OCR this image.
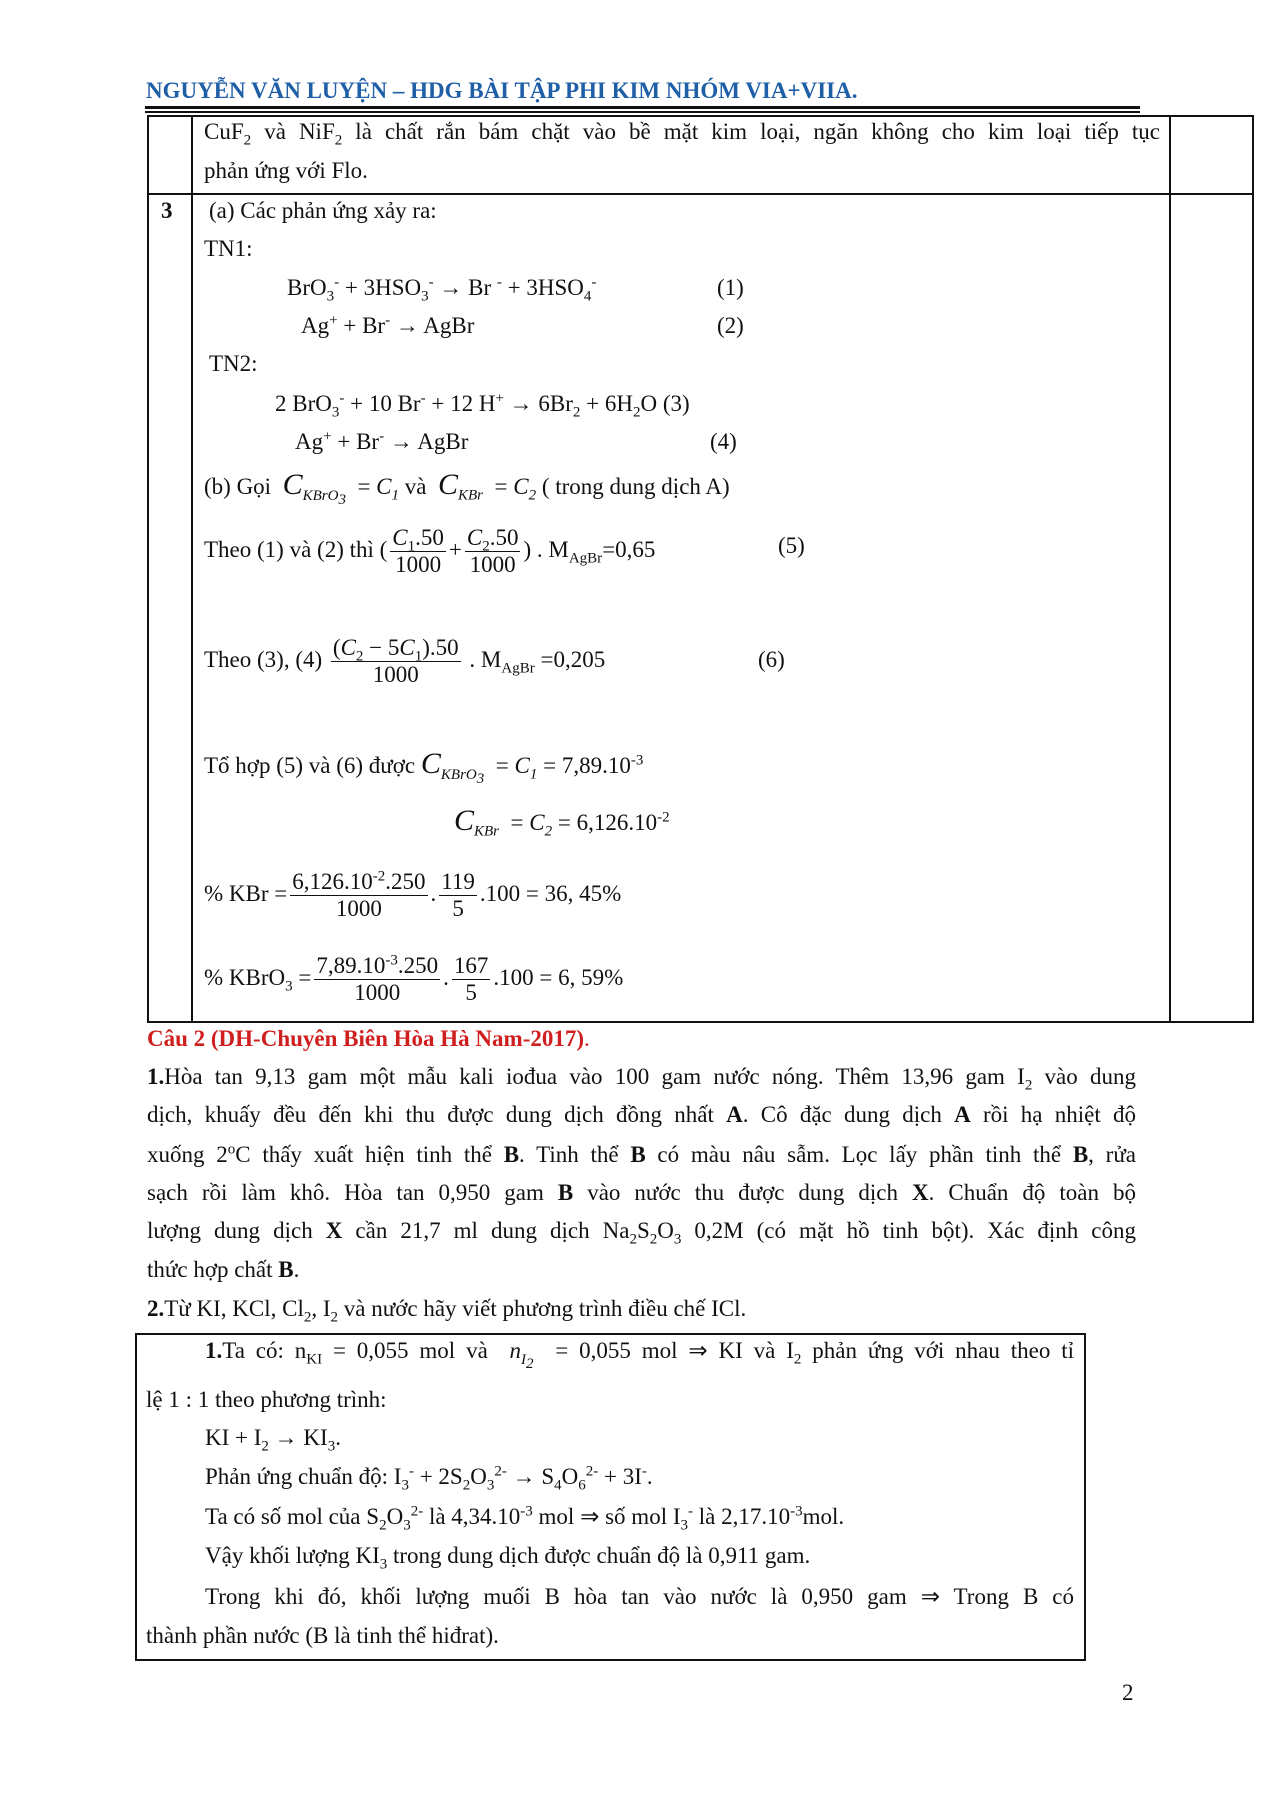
NGUYỄN VĂN LUYỆN – HDG BÀI TẬP PHI KIM NHÓM VIA+VIIA.
CuF$_2$ và NiF$_2$ là chất rắn bám chặt vào bề mặt kim loại, ngăn không cho kim loại tiếp tục
phản ứng với Flo.
3 (a) Các phản ứng xảy ra:
TN1:
$BrO_3^- + 3HSO_3^- \to Br$ $^- + 3HSO_4^-$	(1)
Ag+ + Br- → AgBr	(2)
TN2:
2 BrO$_3$- + 10 Br- + 12 $H^+ \to 6Br_2 + 6H_2O$ (3)
Ag+ + Br- → AgBr	(4)
(b) Gọi  $C_{KBrO_3} = C_1$ và  $C_{KBr} = C_2$ ( trong dung dịch A)
Theo (1) và (2) thì ( $\frac{C_1.50}{1000} + \frac{C_2.50}{1000}$ ) . $M_{AgBr}=0,65$	(5)
Theo (3), $(4) \frac{(C_2 - 5C_1).50}{1000}$ . $M_{AgBr} =0,205$	(6)
Tổ hợp (5) và (6) được $C_{KBrO_3} = C_1 = 7,89.10^{-3}$
$C_{KBr} = C_2 = 6,126.10^{-2}$
% KBr = $\frac{6,126.10^{-2}.250}{1000}$ . $\frac{119}{5} .100 = 36$, 45%
% KBrO$_3$ = $\frac{7,89.10^{-3}.250}{1000}$ . $\frac{167}{5} .100 = 6$, 59%
Câu 2 (DH-Chuyên Biên Hòa Hà Nam-2017).
1.Hòa tan 9,13 gam một mẫu kali iođua vào 100 gam nước nóng. Thêm 13,96 gam $I_2$ vào dung
dịch, khuấy đều đến khi thu được dung dịch đồng nhất A. Cô đặc dung dịch A rồi hạ nhiệt độ
xuống 2$^o$C thấy xuất hiện tinh thể B. Tinh thể B có màu nâu sẫm. Lọc lấy phần tinh thể B, rửa
sạch rồi làm khô. Hòa tan 0,950 gam B vào nước thu được dung dịch X. Chuẩn độ toàn bộ
lượng dung dịch X cần 21,7 ml dung dịch $Na_2S_2O_3$ 0,2M (có mặt hồ tinh bột). Xác định công
thức hợp chất B.
2.Từ KI, KCl, $Cl_2$, $I_2$ và nước hãy viết phương trình điều chế ICl.
1.Ta có: $n_{KI} = 0,055$ mol và  $n_{I_2} = 0,055$ mol ⇒ KI và $I_2$ phản ứng với nhau theo tỉ
lệ 1 : 1 theo phương trình:
KI + $I_2 \to KI_3$.
Phản ứng chuẩn độ: $I_3^- + 2S_2O_3^{2-} \to S_4O_6^{2-} + 3I^-$.
Ta có số mol của $S_2O_3^{2-}$ là $4,34.10^{-3}$ mol ⇒ số mol $I_3^-$ là $2,17.10^{-3}mol$.
Vậy khối lượng $KI_3$ trong dung dịch được chuẩn độ là 0,911 gam.
Trong khi đó, khối lượng muối B hòa tan vào nước là 0,950 gam ⇒ Trong B có
thành phần nước (B là tinh thể hiđrat).
2
